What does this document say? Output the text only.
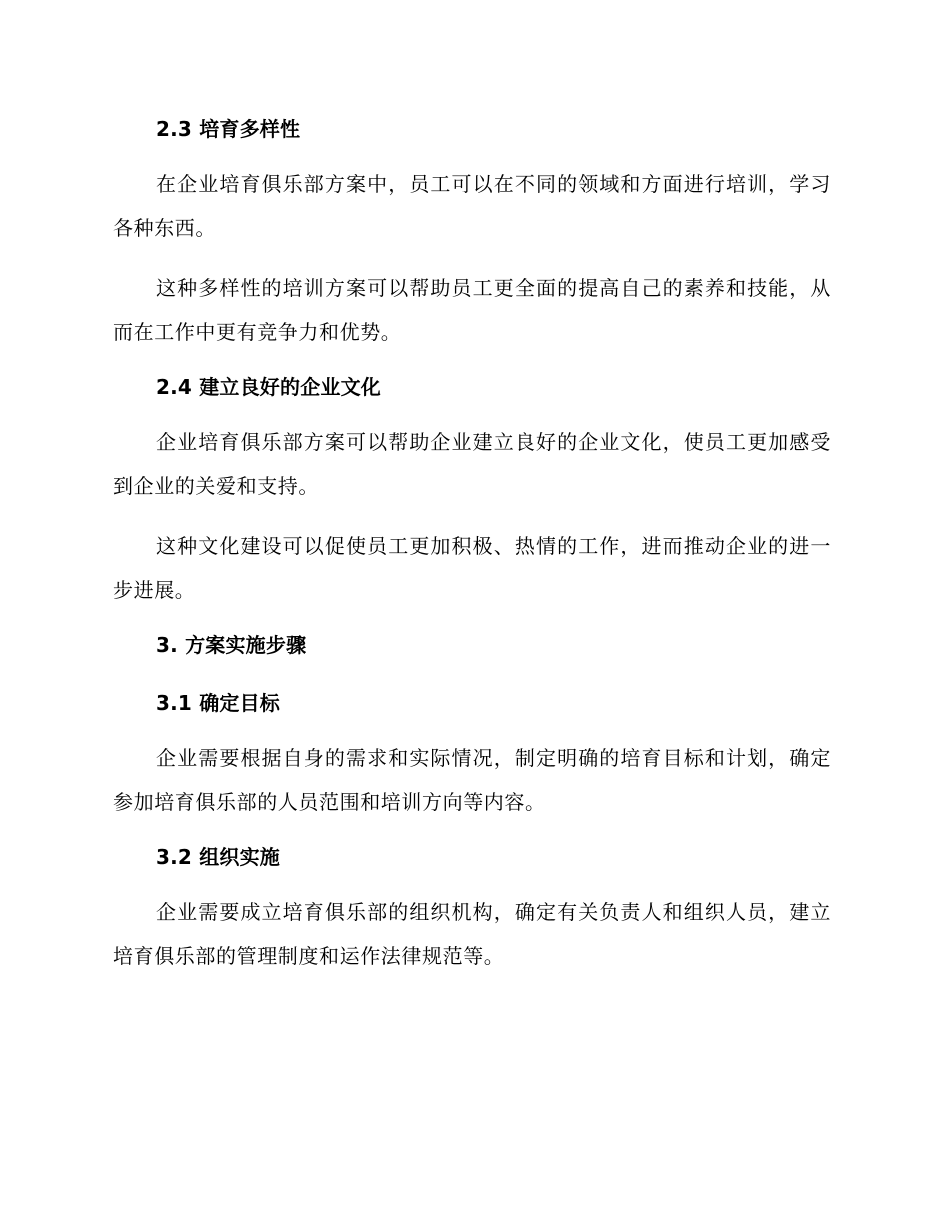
2.3 培育多样性

在企业培育俱乐部方案中，员工可以在不同的领域和方面进行培训，学习各种东西。

这种多样性的培训方案可以帮助员工更全面的提高自己的素养和技能，从而在工作中更有竞争力和优势。

2.4 建立良好的企业文化

企业培育俱乐部方案可以帮助企业建立良好的企业文化，使员工更加感受到企业的关爱和支持。

这种文化建设可以促使员工更加积极、热情的工作，进而推动企业的进一步进展。

3. 方案实施步骤
3.1 确定目标

企业需要根据自身的需求和实际情况，制定明确的培育目标和计划，确定参加培育俱乐部的人员范围和培训方向等内容。

3.2 组织实施

企业需要成立培育俱乐部的组织机构，确定有关负责人和组织人员，建立培育俱乐部的管理制度和运作法律规范等。
